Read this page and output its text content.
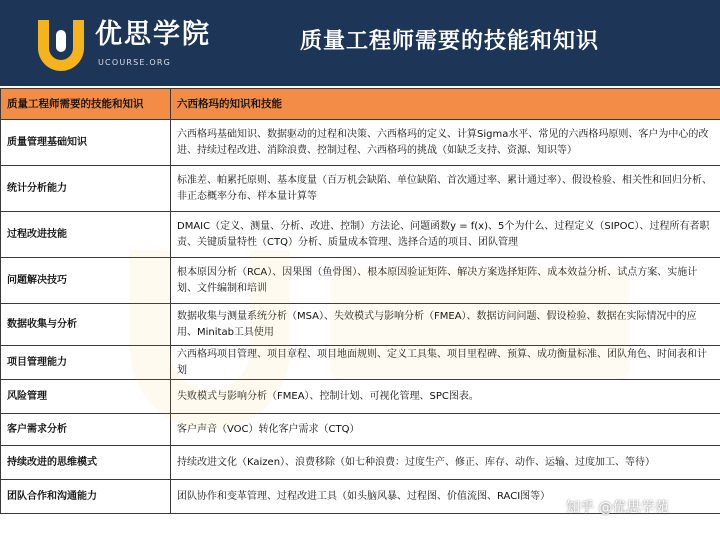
优思学院
UCOURSE.ORG
质量工程师需要的技能和知识
质量工程师需要的技能和知识	六西格玛的知识和技能
质量管理基础知识	六西格玛基础知识、数据驱动的过程和决策、六西格玛的定义、计算Sigma水平、常见的六西格玛原则、客户为中心的改进、持续过程改进、消除浪费、控制过程、六西格玛的挑战（如缺乏支持、资源、知识等）
统计分析能力	标准差、帕累托原则、基本度量（百万机会缺陷、单位缺陷、首次通过率、累计通过率）、假设检验、相关性和回归分析、非正态概率分布、样本量计算等
过程改进技能	DMAIC（定义、测量、分析、改进、控制）方法论、问题函数y = f(x)、5个为什么、过程定义（SIPOC）、过程所有者职责、关键质量特性（CTQ）分析、质量成本管理、选择合适的项目、团队管理
问题解决技巧	根本原因分析（RCA）、因果图（鱼骨图）、根本原因验证矩阵、解决方案选择矩阵、成本效益分析、试点方案、实施计划、文件编制和培训
数据收集与分析	数据收集与测量系统分析（MSA）、失效模式与影响分析（FMEA）、数据访问问题、假设检验、数据在实际情况中的应用、Minitab工具使用
项目管理能力	六西格玛项目管理、项目章程、项目地面规则、定义工具集、项目里程碑、预算、成功衡量标准、团队角色、时间表和计划
风险管理	失败模式与影响分析（FMEA）、控制计划、可视化管理、SPC图表。
客户需求分析	客户声音（VOC）转化客户需求（CTQ）
持续改进的思维模式	持续改进文化（Kaizen）、浪费移除（如七种浪费：过度生产、修正、库存、动作、运输、过度加工、等待）
团队合作和沟通能力	团队协作和变革管理、过程改进工具（如头脑风暴、过程图、价值流图、RACI图等）
知乎 @优思学苑
